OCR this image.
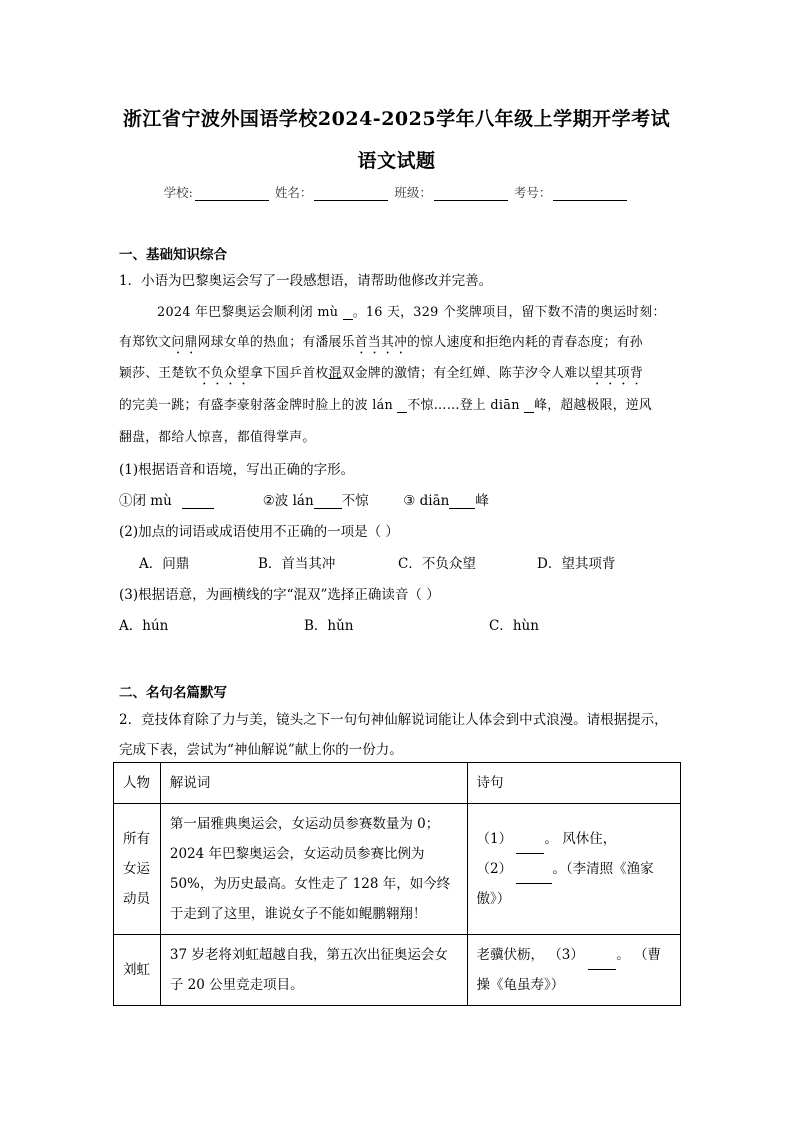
浙江省宁波外国语学校2024-2025学年八年级上学期开学考试
语文试题
学校:	姓名：	班级：	考号：
一、基础知识综合
1．小语为巴黎奥运会写了一段感想语，请帮助他修改并完善。
2024 年巴黎奥运会顺利闭 mù 。16 天，329 个奖牌项目，留下数不清的奥运时刻：
有郑钦文问鼎网球女单的热血；有潘展乐首当其冲的惊人速度和拒绝内耗的青春态度；有孙
颖莎、王楚钦不负众望拿下国乒首枚混双金牌的激情；有全红婵、陈芋汐令人难以望其项背
的完美一跳；有盛李豪射落金牌时脸上的波 lán 不惊……登上 diān 峰，超越极限，逆风
翻盘，都给人惊喜，都值得掌声。
(1)根据语音和语境，写出正确的字形。
①闭 mù	②波 lán 不惊	③ diān 峰
(2)加点的词语或成语使用不正确的一项是（ ）
A．问鼎	B．首当其冲	C．不负众望	D．望其项背
(3)根据语意，为画横线的字“混双”选择正确读音（ ）
A．hún	B．hǔn	C．hùn
二、名句名篇默写
2．竞技体育除了力与美，镜头之下一句句神仙解说词能让人体会到中式浪漫。请根据提示，
完成下表，尝试为“神仙解说”献上你的一份力。
人物	解说词	诗句
所有女运动员	第一届雅典奥运会，女运动员参赛数量为 0；2024 年巴黎奥运会，女运动员参赛比例为 50%，为历史最高。女性走了 128 年，如今终于走到了这里，谁说女子不能如鲲鹏翱翔！	（1） 。 风休住，
（2） 。（李清照《渔家傲》）
刘虹	37 岁老将刘虹超越自我，第五次出征奥运会女子 20 公里竞走项目。	老骥伏枥， （3） 。 （曹操《龟虽寿》）
